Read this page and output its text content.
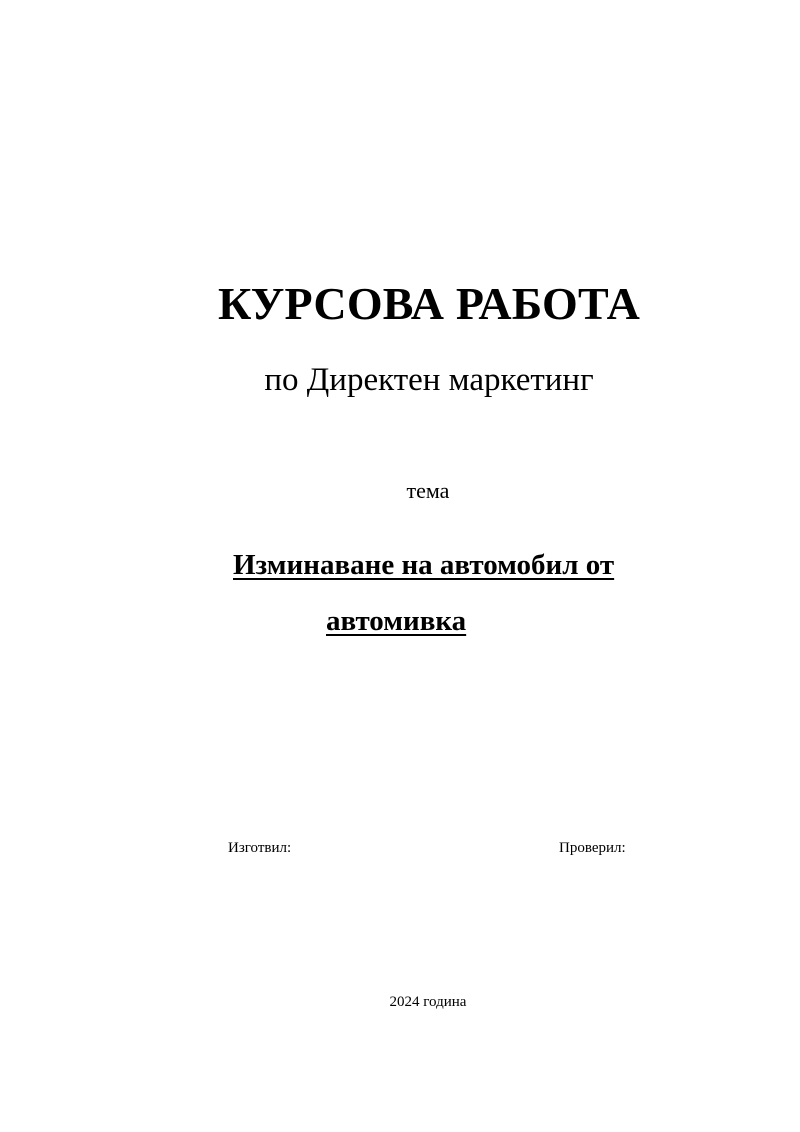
КУРСОВА РАБОТА
по Директен маркетинг
тема
Изминаване на автомобил от
автомивка
Изготвил:	Проверил:
2024 година
